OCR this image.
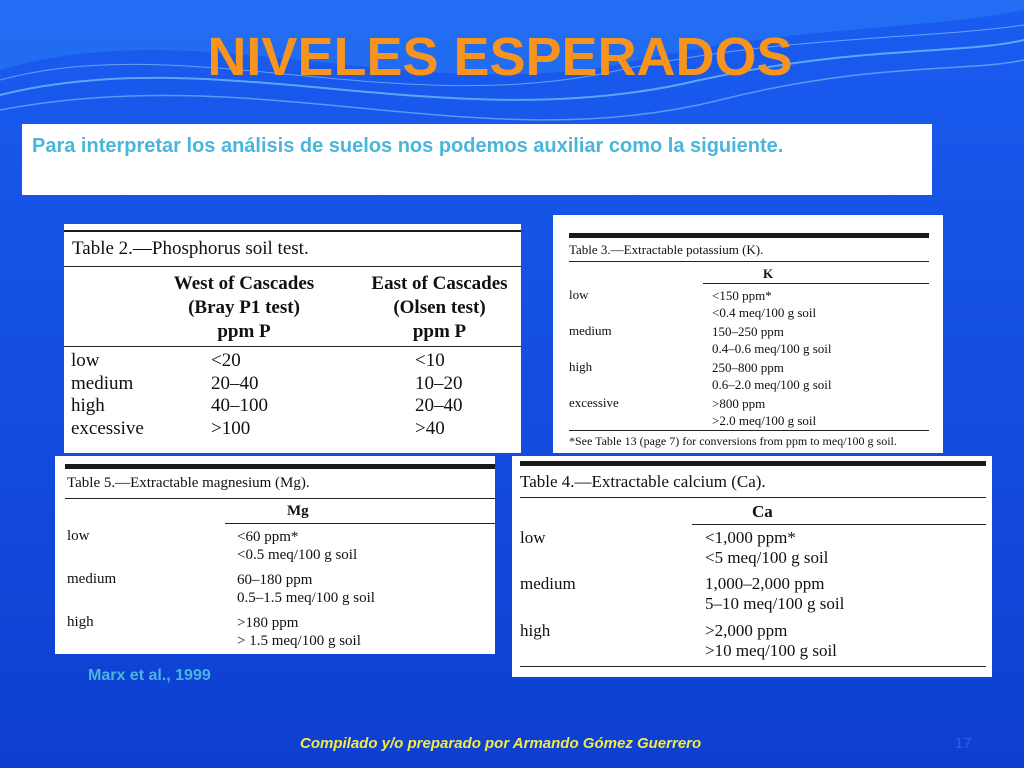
NIVELES ESPERADOS
Para interpretar los análisis de suelos nos podemos auxiliar como la siguiente.
Table 2.—Phosphorus soil test.
West of Cascades
(Bray P1 test)
ppm P
East of Cascades
(Olsen test)
ppm P
low	<20	<10
medium	20–40	10–20
high	40–100	20–40
excessive	>100	>40
Table 3.—Extractable potassium (K).
K
low	<150 ppm*
<0.4 meq/100 g soil
medium	150–250 ppm
0.4–0.6 meq/100 g soil
high	250–800 ppm
0.6–2.0 meq/100 g soil
excessive	>800 ppm
>2.0 meq/100 g soil
*See Table 13 (page 7) for conversions from ppm to meq/100 g soil.
Table 5.—Extractable magnesium (Mg).
Mg
low	<60 ppm*
<0.5 meq/100 g soil
medium	60–180 ppm
0.5–1.5 meq/100 g soil
high	>180 ppm
> 1.5 meq/100 g soil
Table 4.—Extractable calcium (Ca).
Ca
low	<1,000 ppm*
<5 meq/100 g soil
medium	1,000–2,000 ppm
5–10 meq/100 g soil
high	>2,000 ppm
>10 meq/100 g soil
Marx et al., 1999
Compilado y/o preparado por Armando Gómez Guerrero	17
